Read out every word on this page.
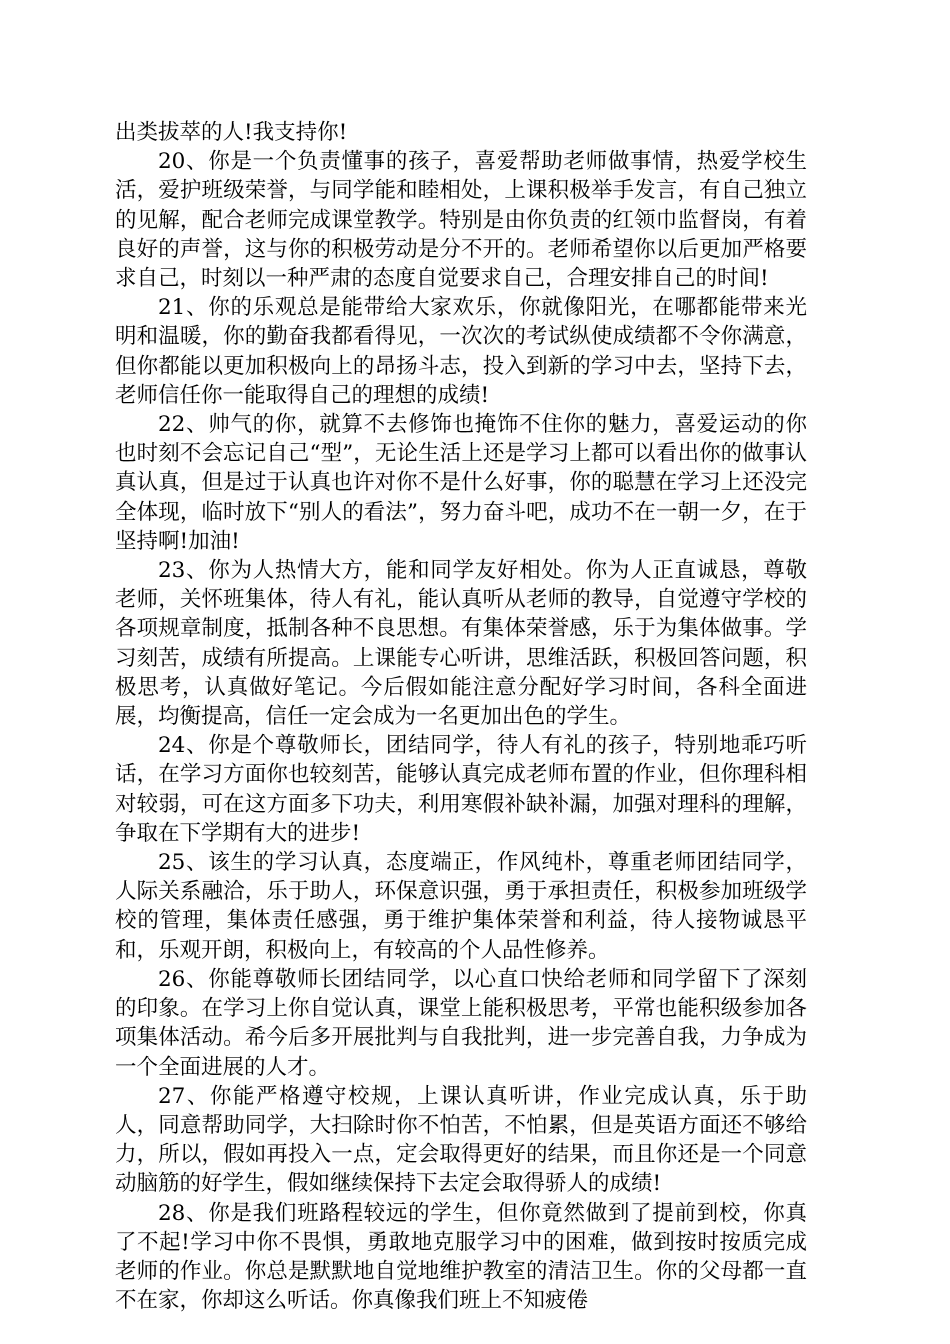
出类拔萃的人!我支持你!

20、你是一个负责懂事的孩子，喜爱帮助老师做事情，热爱学校生活，爱护班级荣誉，与同学能和睦相处，上课积极举手发言，有自己独立的见解，配合老师完成课堂教学。特别是由你负责的红领巾监督岗，有着良好的声誉，这与你的积极劳动是分不开的。老师希望你以后更加严格要求自己，时刻以一种严肃的态度自觉要求自己，合理安排自己的时间!

21、你的乐观总是能带给大家欢乐，你就像阳光，在哪都能带来光明和温暖，你的勤奋我都看得见，一次次的考试纵使成绩都不令你满意，但你都能以更加积极向上的昂扬斗志，投入到新的学习中去，坚持下去，老师信任你一能取得自己的理想的成绩!

22、帅气的你，就算不去修饰也掩饰不住你的魅力，喜爱运动的你也时刻不会忘记自己“型”，无论生活上还是学习上都可以看出你的做事认真认真，但是过于认真也许对你不是什么好事，你的聪慧在学习上还没完全体现，临时放下“别人的看法”，努力奋斗吧，成功不在一朝一夕，在于坚持啊!加油!

23、你为人热情大方，能和同学友好相处。你为人正直诚恳，尊敬老师，关怀班集体，待人有礼，能认真听从老师的教导，自觉遵守学校的各项规章制度，抵制各种不良思想。有集体荣誉感，乐于为集体做事。学习刻苦，成绩有所提高。上课能专心听讲，思维活跃，积极回答问题，积极思考，认真做好笔记。今后假如能注意分配好学习时间，各科全面进展，均衡提高，信任一定会成为一名更加出色的学生。

24、你是个尊敬师长，团结同学，待人有礼的孩子，特别地乖巧听话，在学习方面你也较刻苦，能够认真完成老师布置的作业，但你理科相对较弱，可在这方面多下功夫，利用寒假补缺补漏，加强对理科的理解，争取在下学期有大的进步!

25、该生的学习认真，态度端正，作风纯朴，尊重老师团结同学，人际关系融洽，乐于助人，环保意识强，勇于承担责任，积极参加班级学校的管理，集体责任感强，勇于维护集体荣誉和利益，待人接物诚恳平和，乐观开朗，积极向上，有较高的个人品性修养。

26、你能尊敬师长团结同学，以心直口快给老师和同学留下了深刻的印象。在学习上你自觉认真，课堂上能积极思考，平常也能积级参加各项集体活动。希今后多开展批判与自我批判，进一步完善自我，力争成为一个全面进展的人才。

27、你能严格遵守校规，上课认真听讲，作业完成认真，乐于助人，同意帮助同学，大扫除时你不怕苦，不怕累，但是英语方面还不够给力，所以，假如再投入一点，定会取得更好的结果，而且你还是一个同意动脑筋的好学生，假如继续保持下去定会取得骄人的成绩!

28、你是我们班路程较远的学生，但你竟然做到了提前到校，你真了不起!学习中你不畏惧，勇敢地克服学习中的困难，做到按时按质完成老师的作业。你总是默默地自觉地维护教室的清洁卫生。你的父母都一直不在家，你却这么听话。你真像我们班上不知疲倦
